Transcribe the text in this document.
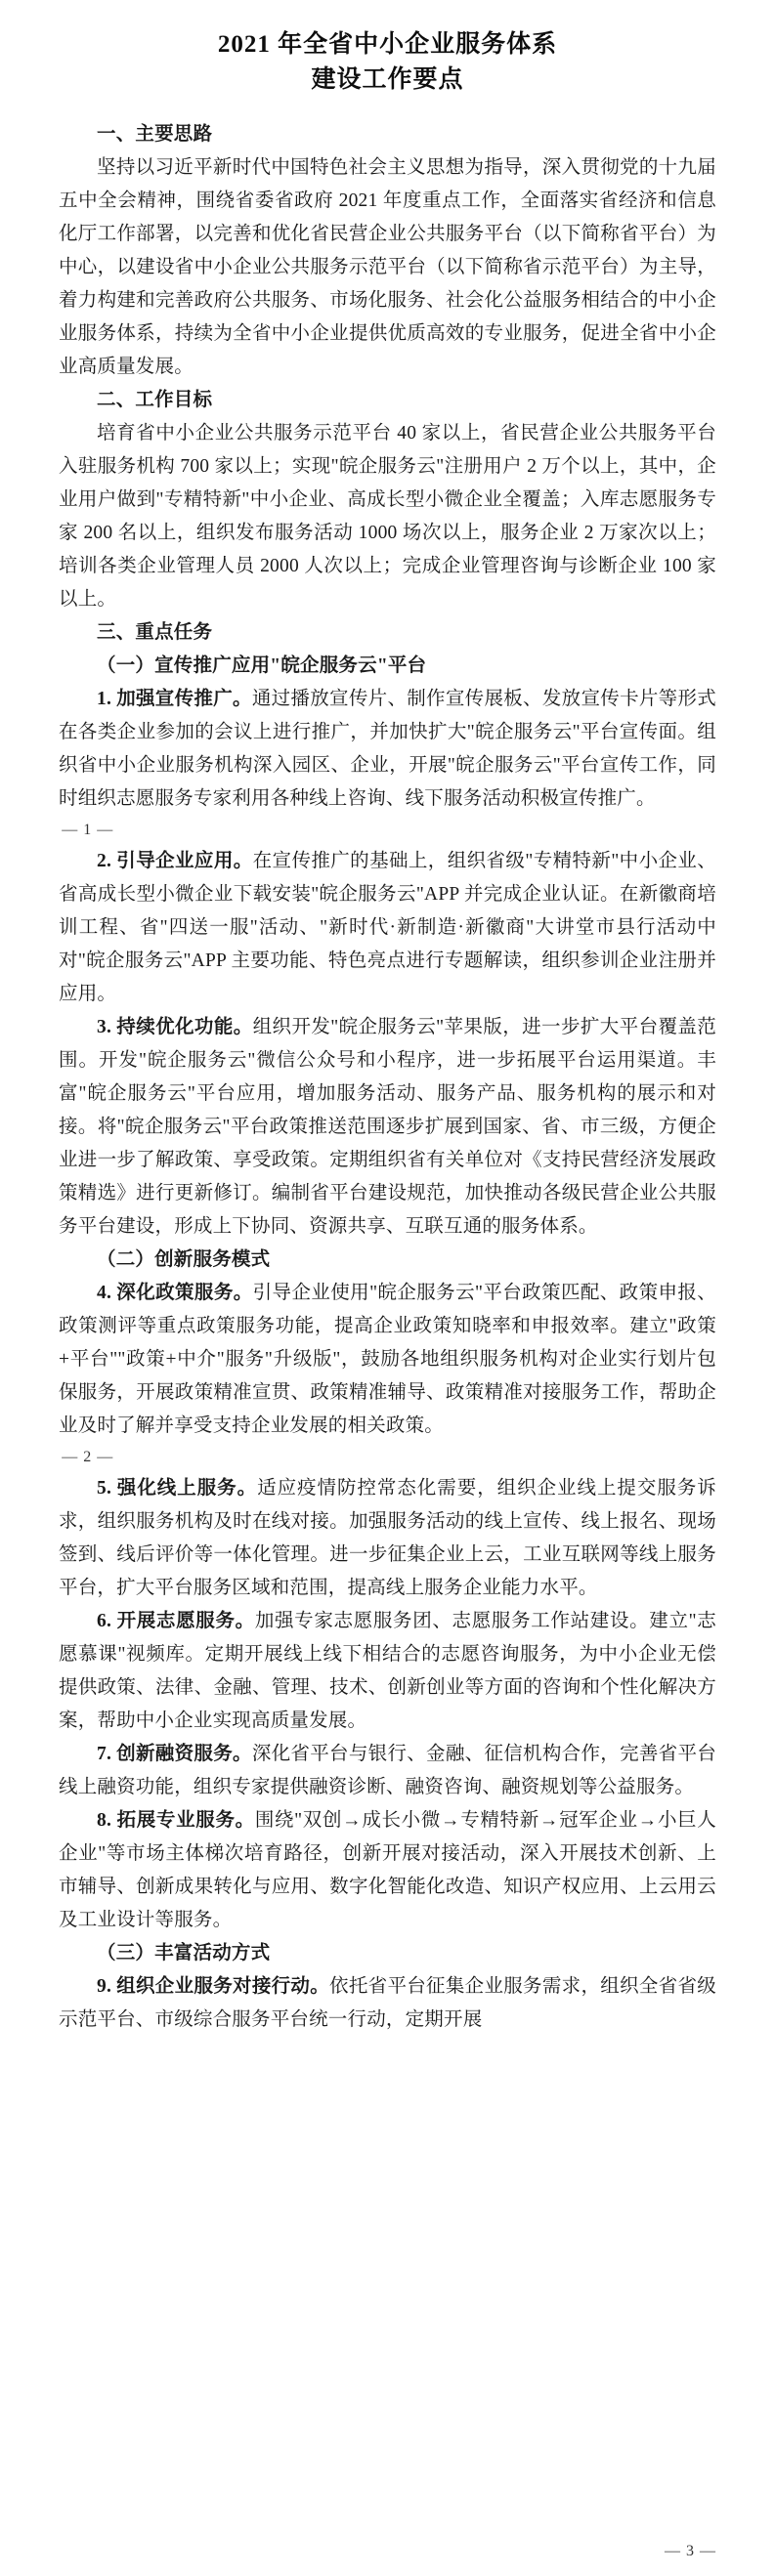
2021 年全省中小企业服务体系
建设工作要点

一、主要思路

坚持以习近平新时代中国特色社会主义思想为指导，深入贯彻党的十九届五中全会精神，围绕省委省政府 2021 年度重点工作，全面落实省经济和信息化厅工作部署，以完善和优化省民营企业公共服务平台（以下简称省平台）为中心，以建设省中小企业公共服务示范平台（以下简称省示范平台）为主导，着力构建和完善政府公共服务、市场化服务、社会化公益服务相结合的中小企业服务体系，持续为全省中小企业提供优质高效的专业服务，促进全省中小企业高质量发展。

二、工作目标

培育省中小企业公共服务示范平台 40 家以上，省民营企业公共服务平台入驻服务机构 700 家以上；实现"皖企服务云"注册用户 2 万个以上，其中，企业用户做到"专精特新"中小企业、高成长型小微企业全覆盖；入库志愿服务专家 200 名以上，组织发布服务活动 1000 场次以上，服务企业 2 万家次以上；培训各类企业管理人员 2000 人次以上；完成企业管理咨询与诊断企业 100 家以上。

三、重点任务

（一）宣传推广应用"皖企服务云"平台

1. 加强宣传推广。通过播放宣传片、制作宣传展板、发放宣传卡片等形式在各类企业参加的会议上进行推广，并加快扩大"皖企服务云"平台宣传面。组织省中小企业服务机构深入园区、企业，开展"皖企服务云"平台宣传工作，同时组织志愿服务专家利用各种线上咨询、线下服务活动积极宣传推广。

— 1 —

2. 引导企业应用。在宣传推广的基础上，组织省级"专精特新"中小企业、省高成长型小微企业下载安装"皖企服务云"APP 并完成企业认证。在新徽商培训工程、省"四送一服"活动、"新时代·新制造·新徽商"大讲堂市县行活动中对"皖企服务云"APP 主要功能、特色亮点进行专题解读，组织参训企业注册并应用。

3. 持续优化功能。组织开发"皖企服务云"苹果版，进一步扩大平台覆盖范围。开发"皖企服务云"微信公众号和小程序，进一步拓展平台运用渠道。丰富"皖企服务云"平台应用，增加服务活动、服务产品、服务机构的展示和对接。将"皖企服务云"平台政策推送范围逐步扩展到国家、省、市三级，方便企业进一步了解政策、享受政策。定期组织省有关单位对《支持民营经济发展政策精选》进行更新修订。编制省平台建设规范，加快推动各级民营企业公共服务平台建设，形成上下协同、资源共享、互联互通的服务体系。

（二）创新服务模式

4. 深化政策服务。引导企业使用"皖企服务云"平台政策匹配、政策申报、政策测评等重点政策服务功能，提高企业政策知晓率和申报效率。建立"政策+平台""政策+中介"服务"升级版"，鼓励各地组织服务机构对企业实行划片包保服务，开展政策精准宣贯、政策精准辅导、政策精准对接服务工作，帮助企业及时了解并享受支持企业发展的相关政策。

— 2 —

5. 强化线上服务。适应疫情防控常态化需要，组织企业线上提交服务诉求，组织服务机构及时在线对接。加强服务活动的线上宣传、线上报名、现场签到、线后评价等一体化管理。进一步征集企业上云，工业互联网等线上服务平台，扩大平台服务区域和范围，提高线上服务企业能力水平。

6. 开展志愿服务。加强专家志愿服务团、志愿服务工作站建设。建立"志愿慕课"视频库。定期开展线上线下相结合的志愿咨询服务，为中小企业无偿提供政策、法律、金融、管理、技术、创新创业等方面的咨询和个性化解决方案，帮助中小企业实现高质量发展。

7. 创新融资服务。深化省平台与银行、金融、征信机构合作，完善省平台线上融资功能，组织专家提供融资诊断、融资咨询、融资规划等公益服务。

8. 拓展专业服务。围绕"双创→成长小微→专精特新→冠军企业→小巨人企业"等市场主体梯次培育路径，创新开展对接活动，深入开展技术创新、上市辅导、创新成果转化与应用、数字化智能化改造、知识产权应用、上云用云及工业设计等服务。

（三）丰富活动方式

9. 组织企业服务对接行动。依托省平台征集企业服务需求，组织全省省级示范平台、市级综合服务平台统一行动，定期开展

— 3 —
